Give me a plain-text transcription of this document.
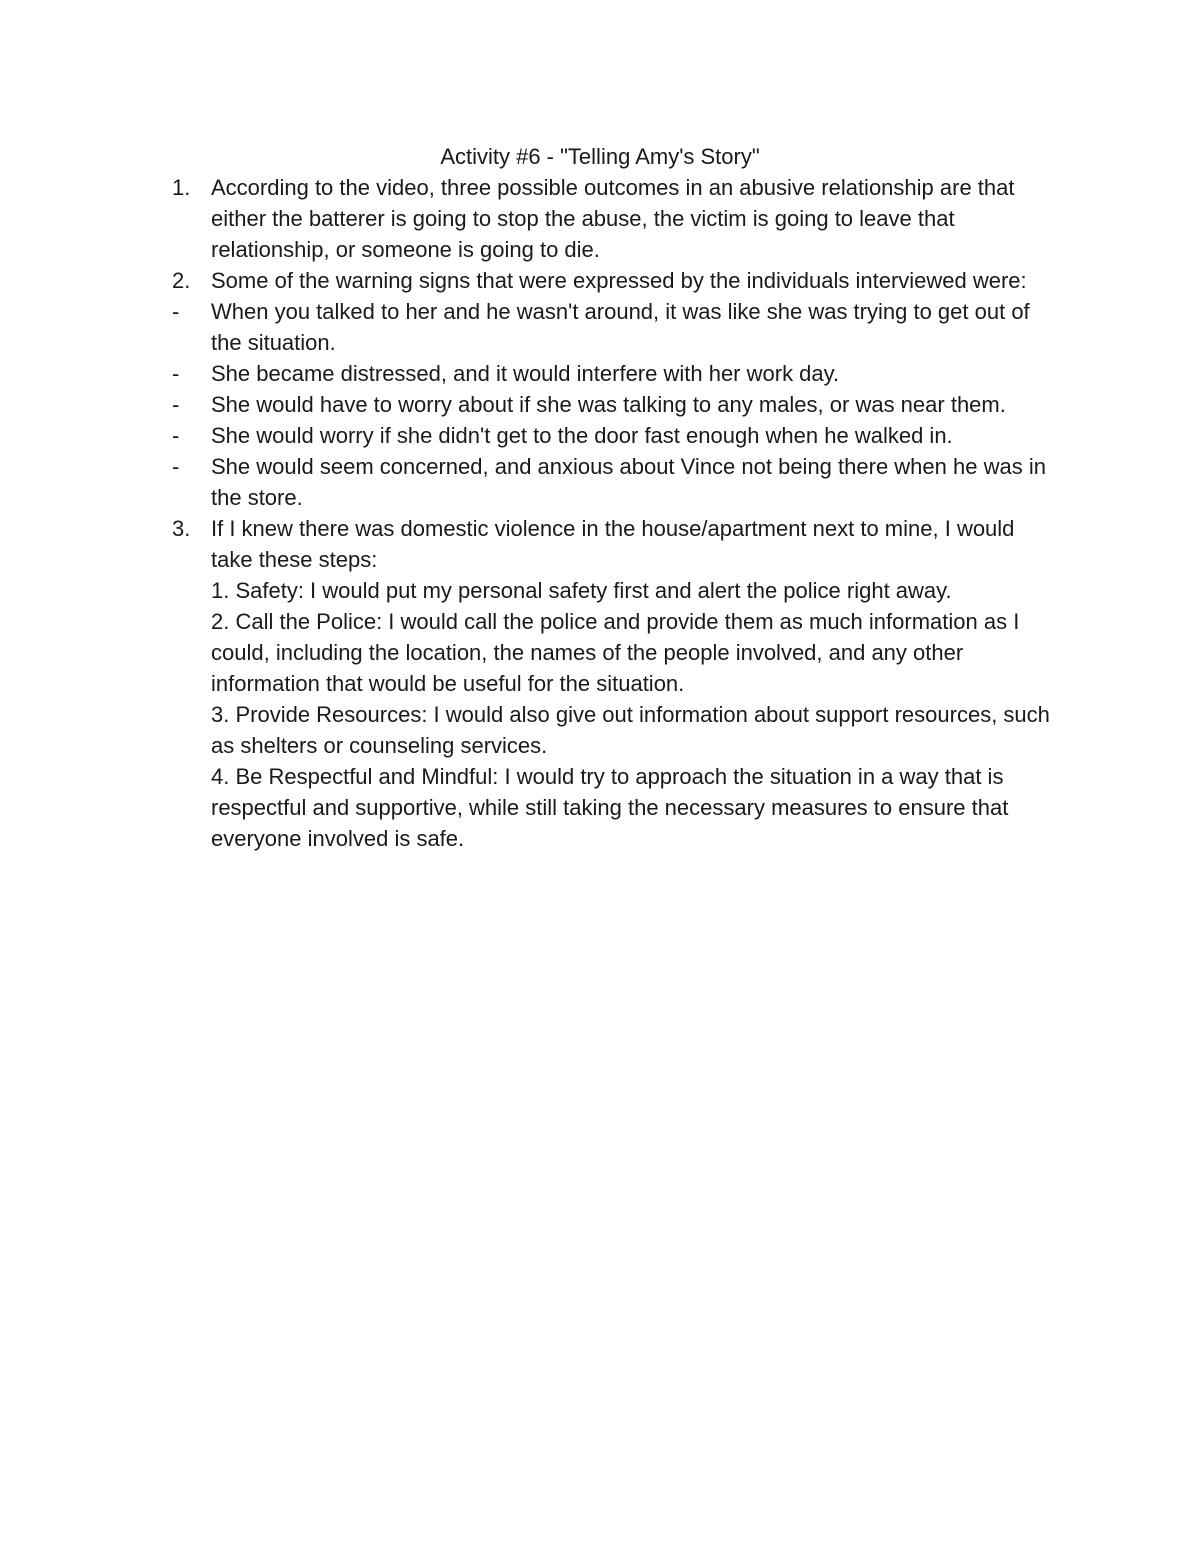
Activity #6 - "Telling Amy's Story"
1. According to the video, three possible outcomes in an abusive relationship are that either the batterer is going to stop the abuse, the victim is going to leave that relationship, or someone is going to die.
2. Some of the warning signs that were expressed by the individuals interviewed were:
-	When you talked to her and he wasn't around, it was like she was trying to get out of the situation.
-	She became distressed, and it would interfere with her work day.
-	She would have to worry about if she was talking to any males, or was near them.
-	She would worry if she didn't get to the door fast enough when he walked in.
-	She would seem concerned, and anxious about Vince not being there when he was in the store.
3. If I knew there was domestic violence in the house/apartment next to mine, I would take these steps:
1. Safety: I would put my personal safety first and alert the police right away.
2. Call the Police: I would call the police and provide them as much information as I could, including the location, the names of the people involved, and any other information that would be useful for the situation.
3. Provide Resources: I would also give out information about support resources, such as shelters or counseling services.
4. Be Respectful and Mindful: I would try to approach the situation in a way that is respectful and supportive, while still taking the necessary measures to ensure that everyone involved is safe.
